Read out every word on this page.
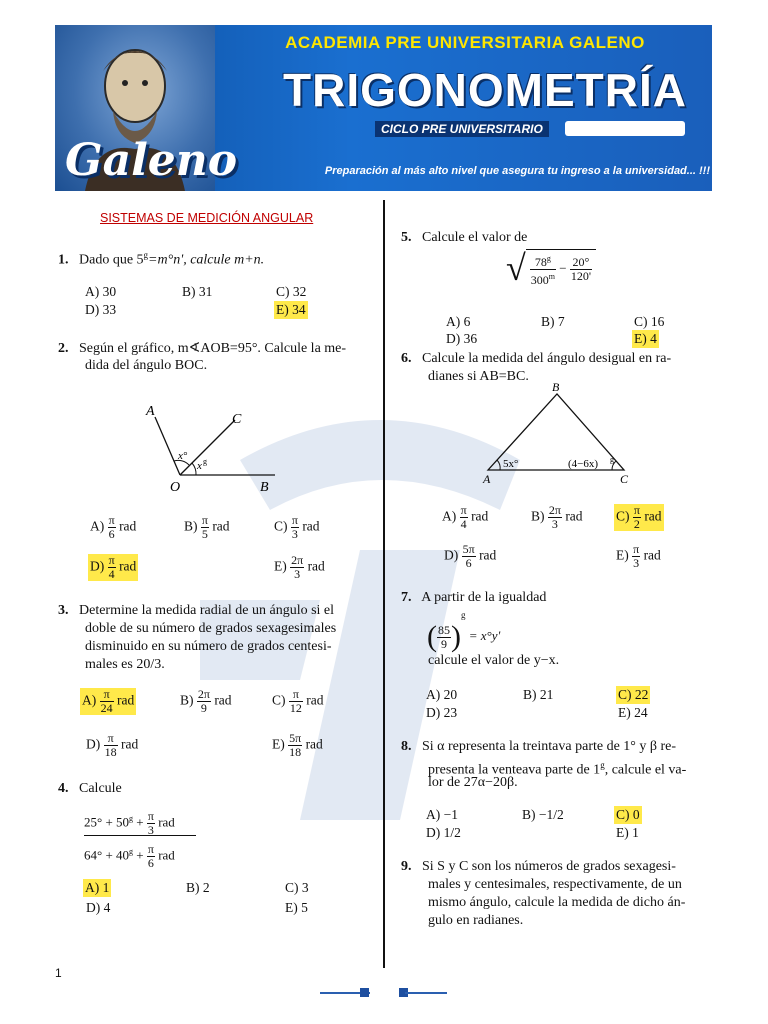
ACADEMIA PRE UNIVERSITARIA GALENO
TRIGONOMETRÍA
CICLO PRE UNIVERSITARIO
Galeno	Preparación al más alto nivel que asegura tu ingreso a la universidad... !!!
SISTEMAS DE MEDICIÓN ANGULAR
1. Dado que $5^g=m^\circ n'$, calcule m+n.
A) 30	B) 31	C) 32
D) 33	E) 34
2. Según el gráfico, m∢AOB=95°. Calcule la me-
dida del ángulo BOC.
A
C
O	B
x°
x g
$A) \frac{\pi}{6}$ rad	$B) \frac{\pi}{5}$ rad	$C) \frac{\pi}{3}$ rad
$D) \frac{\pi}{4}$ rad	$E) \frac{2\pi}{3}$ rad
3. Determine la medida radial de un ángulo si el
doble de su número de grados sexagesimales
disminuido en su número de grados centesi-
males es 20/3.
$A) \frac{\pi}{24}$ rad	$B) \frac{2\pi}{9}$ rad	$C) \frac{\pi}{12}$ rad
$D) \frac{\pi}{18}$ rad	$E) \frac{5\pi}{18}$ rad
4. Calcule
$25^\circ + 50^g + \frac{\pi}{3}$ rad
$64^\circ + 40^g + \frac{\pi}{6}$ rad
A) 1	B) 2	C) 3
D) 4	E) 5
5. Calcule el valor de
√ $\frac{78^g}{300^m} - \frac{20^\circ}{120'}$
A) 6	B) 7	C) 16
D) 36	E) 4
6. Calcule la medida del ángulo desigual en ra-
dianes si AB=BC.
B
A	C
5x°	(4−6x) g
$A) \frac{\pi}{4}$ rad	$B) \frac{2\pi}{3}$ rad $C) \frac{\pi}{2}$ rad
$D) \frac{5\pi}{6}$ rad	$E) \frac{\pi}{3}$ rad
7. A partir de la igualdad
( $\frac{85}{9} )^g = x^\circ y'$
calcule el valor de y−x.
A) 20	B) 21	C) 22
D) 23	E) 24
8. Si α representa la treintava parte de 1° y β re-
presenta la venteava parte de 1$^g$, calcule el va-
lor de 27α−20β.
A) −1	B) −1/2	C) 0
D) 1/2	E) 1
9. Si S y C son los números de grados sexagesi-
males y centesimales, respectivamente, de un
mismo ángulo, calcule la medida de dicho án-
gulo en radianes.
1
